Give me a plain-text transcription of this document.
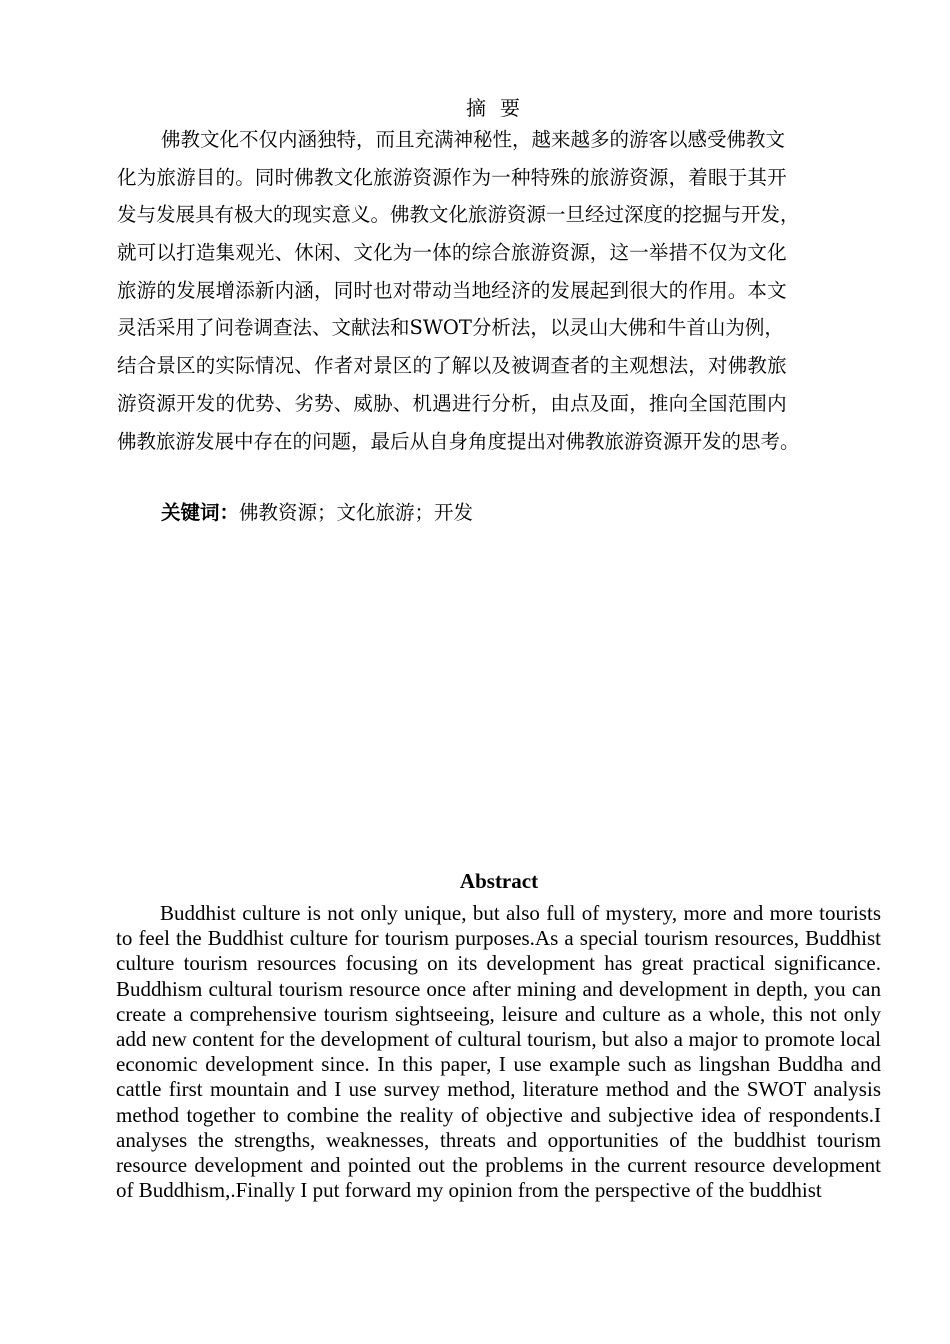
摘要
佛教文化不仅内涵独特，而且充满神秘性，越来越多的游客以感受佛教文
化为旅游目的。同时佛教文化旅游资源作为一种特殊的旅游资源，着眼于其开
发与发展具有极大的现实意义。佛教文化旅游资源一旦经过深度的挖掘与开发，
就可以打造集观光、休闲、文化为一体的综合旅游资源，这一举措不仅为文化
旅游的发展增添新内涵，同时也对带动当地经济的发展起到很大的作用。本文
灵活采用了问卷调查法、文献法和SWOT分析法，以灵山大佛和牛首山为例，
结合景区的实际情况、作者对景区的了解以及被调查者的主观想法，对佛教旅
游资源开发的优势、劣势、威胁、机遇进行分析，由点及面，推向全国范围内
佛教旅游发展中存在的问题，最后从自身角度提出对佛教旅游资源开发的思考。
关键词：佛教资源；文化旅游；开发
Abstract

Buddhist culture is not only unique, but also full of mystery, more and more tourists to feel the Buddhist culture for tourism purposes.As a special tourism resources, Buddhist culture tourism resources focusing on its development has great practical significance. Buddhism cultural tourism resource once after mining and development in depth, you can create a comprehensive tourism sightseeing, leisure and culture as a whole, this not only add new content for the development of cultural tourism, but also a major to promote local economic development since. In this paper, I use example such as lingshan Buddha and cattle first mountain and I use survey method, literature method and the SWOT analysis method together to combine the reality of objective and subjective idea of respondents.I analyses the strengths, weaknesses, threats and opportunities of the buddhist tourism resource development and pointed out the problems in the current resource development of Buddhism,.Finally I put forward my opinion from the perspective of the buddhist
